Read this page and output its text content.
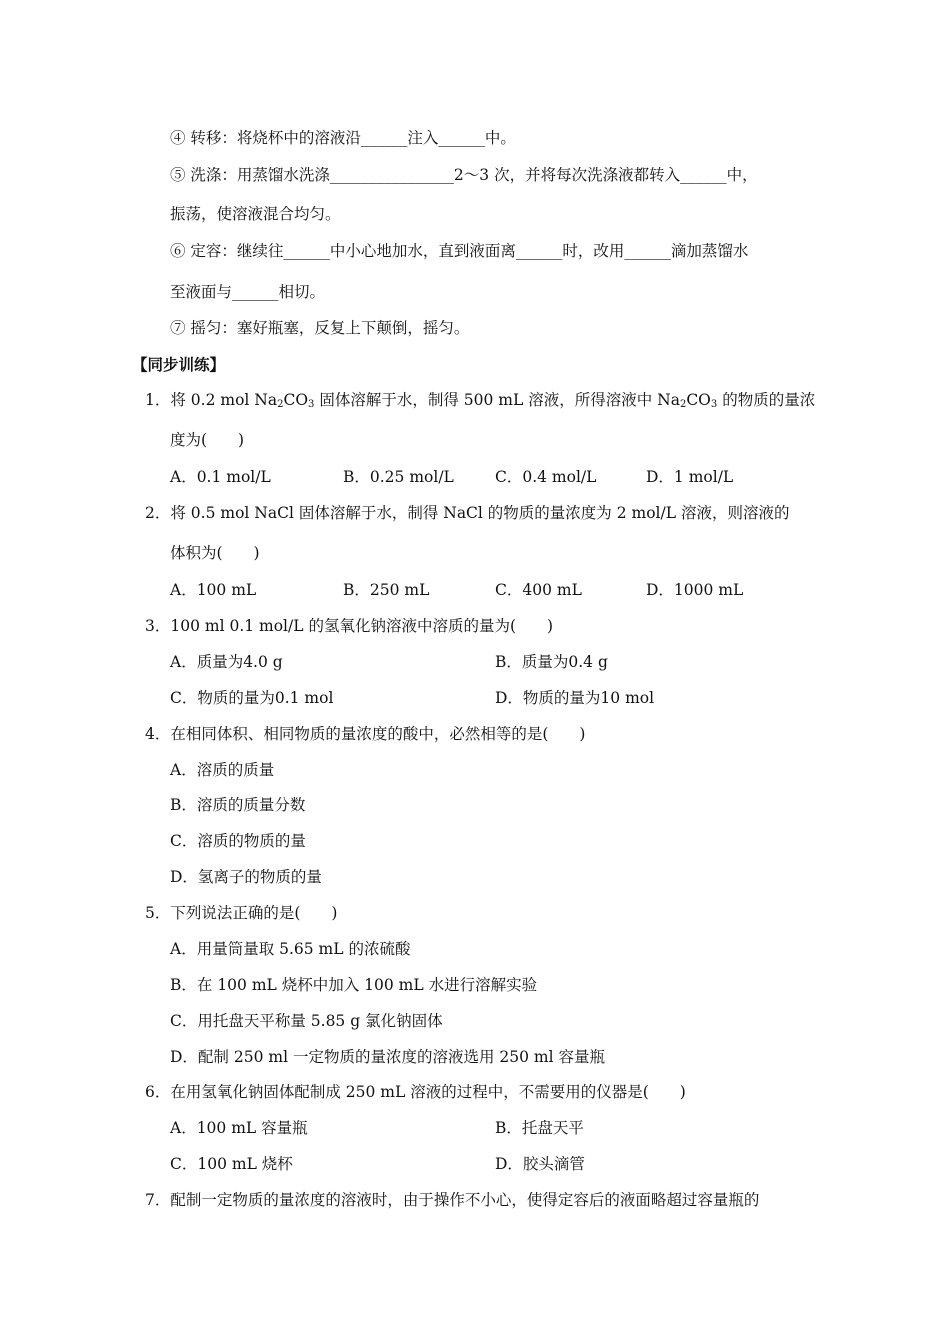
④ 转移：将烧杯中的溶液沿______注入______中。
⑤ 洗涤：用蒸馏水洗涤________________2～3 次，并将每次洗涤液都转入______中，
振荡，使溶液混合均匀。
⑥ 定容：继续往______中小心地加水，直到液面离______时，改用______滴加蒸馏水
至液面与______相切。
⑦ 摇匀：塞好瓶塞，反复上下颠倒，摇匀。
【同步训练】
1．将 0.2 mol $Na_2CO_3$ 固体溶解于水，制得 500 mL 溶液，所得溶液中 $Na_2CO_3$ 的物质的量浓
度为(　　)
A．0.1 mol/L	B．0.25 mol/L	C．0.4 mol/L	D．1 mol/L
2．将 0.5 mol NaCl 固体溶解于水，制得 NaCl 的物质的量浓度为 2 mol/L 溶液，则溶液的
体积为(　　)
A．100 mL	B．250 mL	C．400 mL	D．1000 mL
3．100 ml 0.1 mol/L 的氢氧化钠溶液中溶质的量为(　　)
A．质量为4.0 g	B．质量为0.4 g
C．物质的量为0.1 mol	D．物质的量为10 mol
4．在相同体积、相同物质的量浓度的酸中，必然相等的是(　　)
A．溶质的质量
B．溶质的质量分数
C．溶质的物质的量
D．氢离子的物质的量
5．下列说法正确的是(　　)
A．用量筒量取 5.65 mL 的浓硫酸
B．在 100 mL 烧杯中加入 100 mL 水进行溶解实验
C．用托盘天平称量 5.85 g 氯化钠固体
D．配制 250 ml 一定物质的量浓度的溶液选用 250 ml 容量瓶
6．在用氢氧化钠固体配制成 250 mL 溶液的过程中，不需要用的仪器是(　　)
A．100 mL 容量瓶	B．托盘天平
C．100 mL 烧杯	D．胶头滴管
7．配制一定物质的量浓度的溶液时，由于操作不小心，使得定容后的液面略超过容量瓶的
